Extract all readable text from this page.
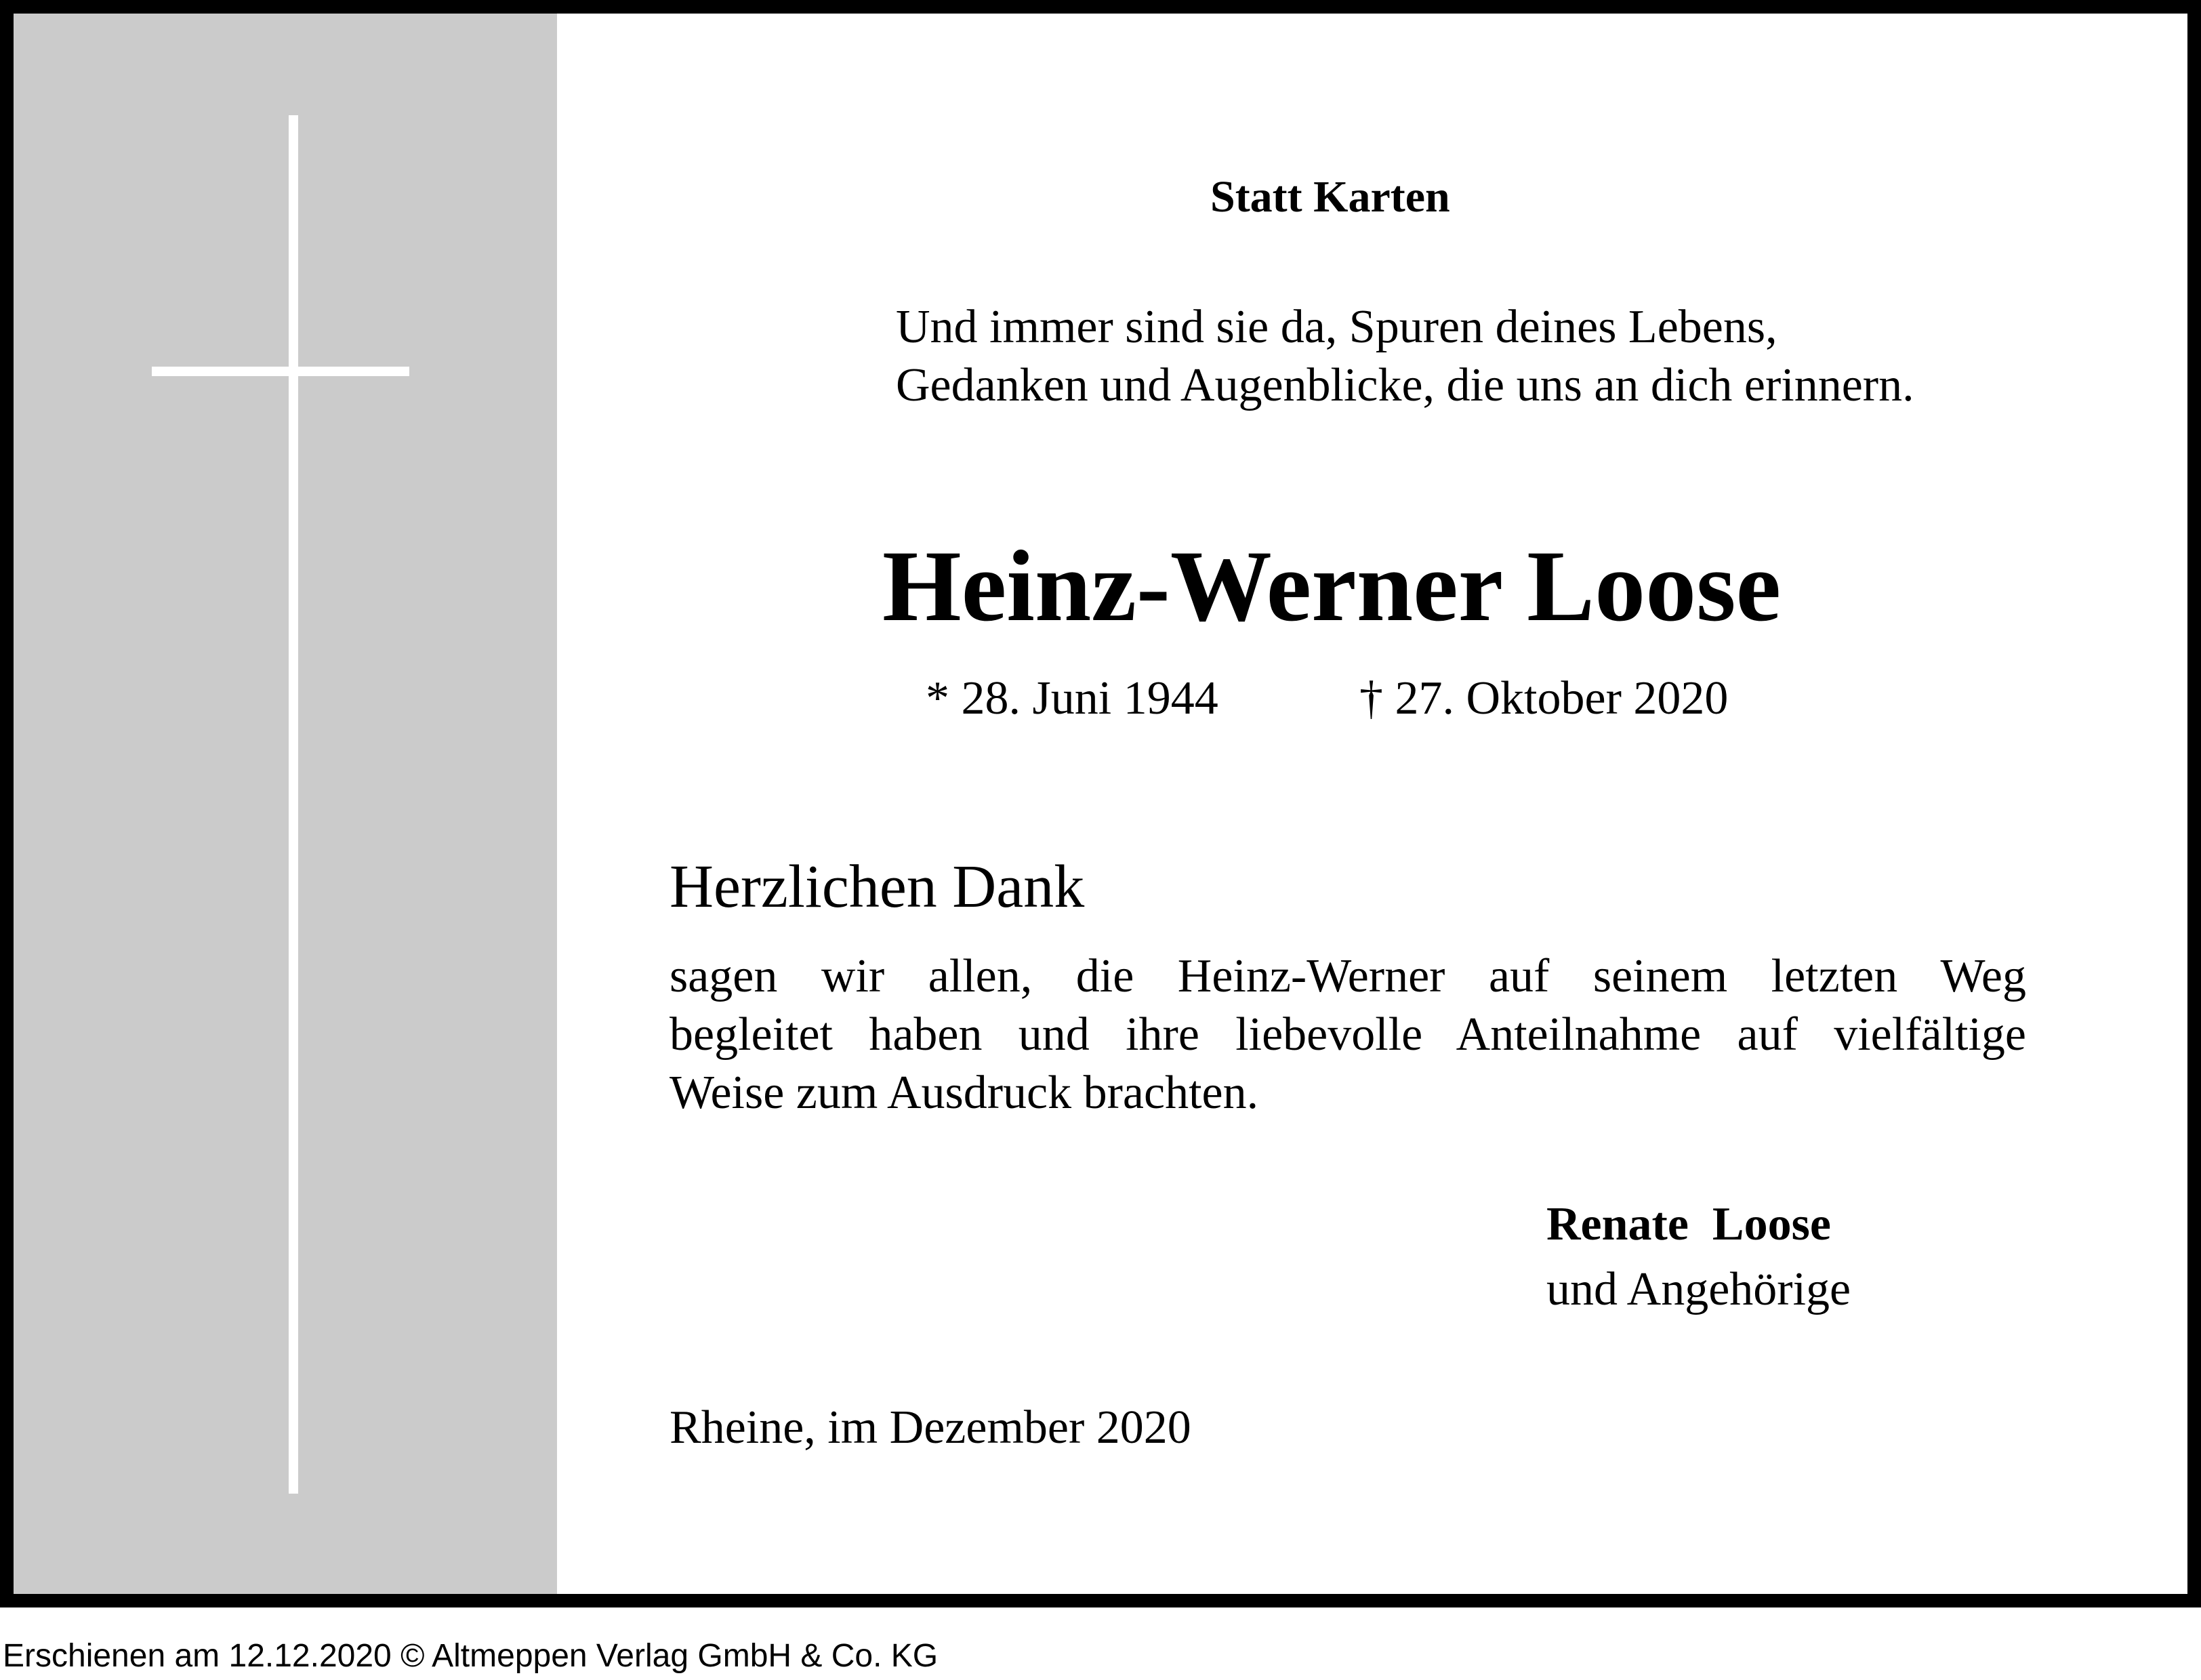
Statt Karten

Und immer sind sie da, Spuren deines Lebens,
Gedanken und Augenblicke, die uns an dich erinnern.

Heinz-Werner Loose

* 28. Juni 1944	† 27. Oktober 2020

Herzlichen Dank

sagen wir allen, die Heinz-Werner auf seinem letzten Weg
begleitet haben und ihre liebevolle Anteilnahme auf vielfältige
Weise zum Ausdruck brachten.

Renate  Loose

und Angehörige

Rheine, im Dezember 2020

Erschienen am 12.12.2020 © Altmeppen Verlag GmbH & Co. KG
